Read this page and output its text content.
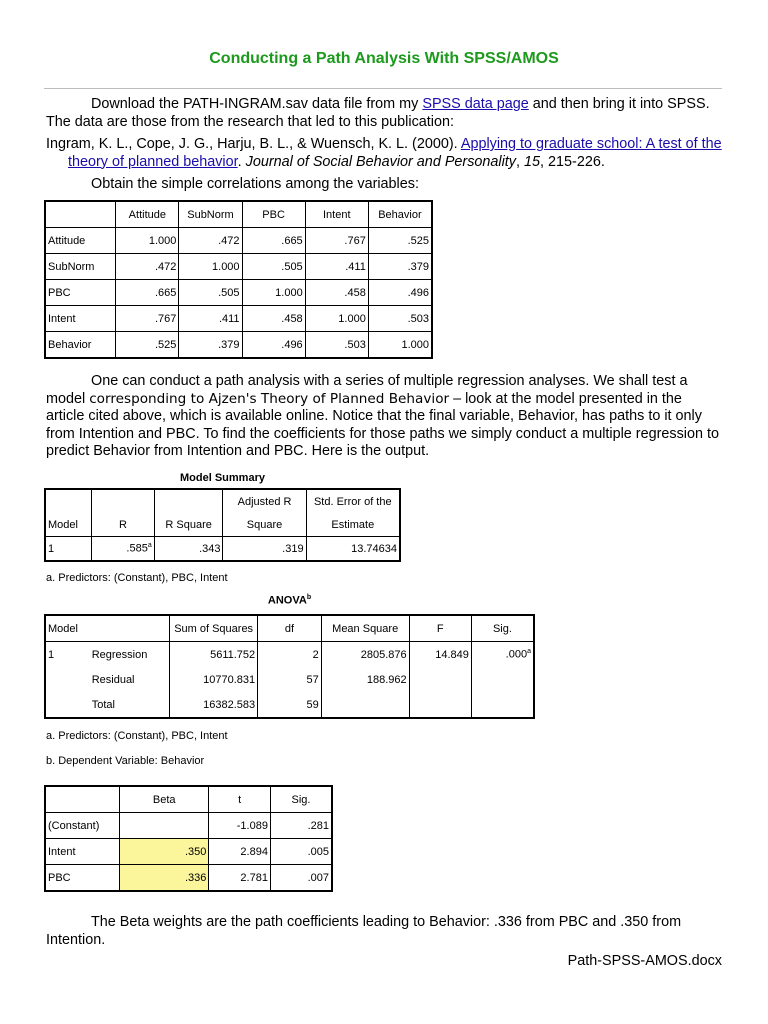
Conducting a Path Analysis With SPSS/AMOS
Download the PATH-INGRAM.sav data file from my SPSS data page and then bring it into SPSS. The data are those from the research that led to this publication:
Ingram, K. L., Cope, J. G., Harju, B. L., & Wuensch, K. L. (2000). Applying to graduate school: A test of the theory of planned behavior. Journal of Social Behavior and Personality, 15, 215-226.
Obtain the simple correlations among the variables:
	Attitude	SubNorm	PBC	Intent	Behavior
Attitude	1.000	.472	.665	.767	.525
SubNorm	.472	1.000	.505	.411	.379
PBC	.665	.505	1.000	.458	.496
Intent	.767	.411	.458	1.000	.503
Behavior	.525	.379	.496	.503	1.000
One can conduct a path analysis with a series of multiple regression analyses. We shall test a model corresponding to Ajzen's Theory of Planned Behavior – look at the model presented in the article cited above, which is available online. Notice that the final variable, Behavior, has paths to it only from Intention and PBC. To find the coefficients for those paths we simply conduct a multiple regression to predict Behavior from Intention and PBC. Here is the output.
Model Summary
			Adjusted R	Std. Error of the
Model	R	R Square	Square	Estimate
1	.585$^a$	.343	.319	13.74634
a. Predictors: (Constant), PBC, Intent
ANOVA$^b$
Model		Sum of Squares	df	Mean Square	F	Sig.
1	Regression	5611.752	2	2805.876	14.849	.000$^a$
	Residual	10770.831	57	188.962		
	Total	16382.583	59			
a. Predictors: (Constant), PBC, Intent
b. Dependent Variable: Behavior
	Beta	t	Sig.
(Constant)		-1.089	.281
Intent	.350	2.894	.005
PBC	.336	2.781	.007
The Beta weights are the path coefficients leading to Behavior: .336 from PBC and .350 from Intention.
Path-SPSS-AMOS.docx
